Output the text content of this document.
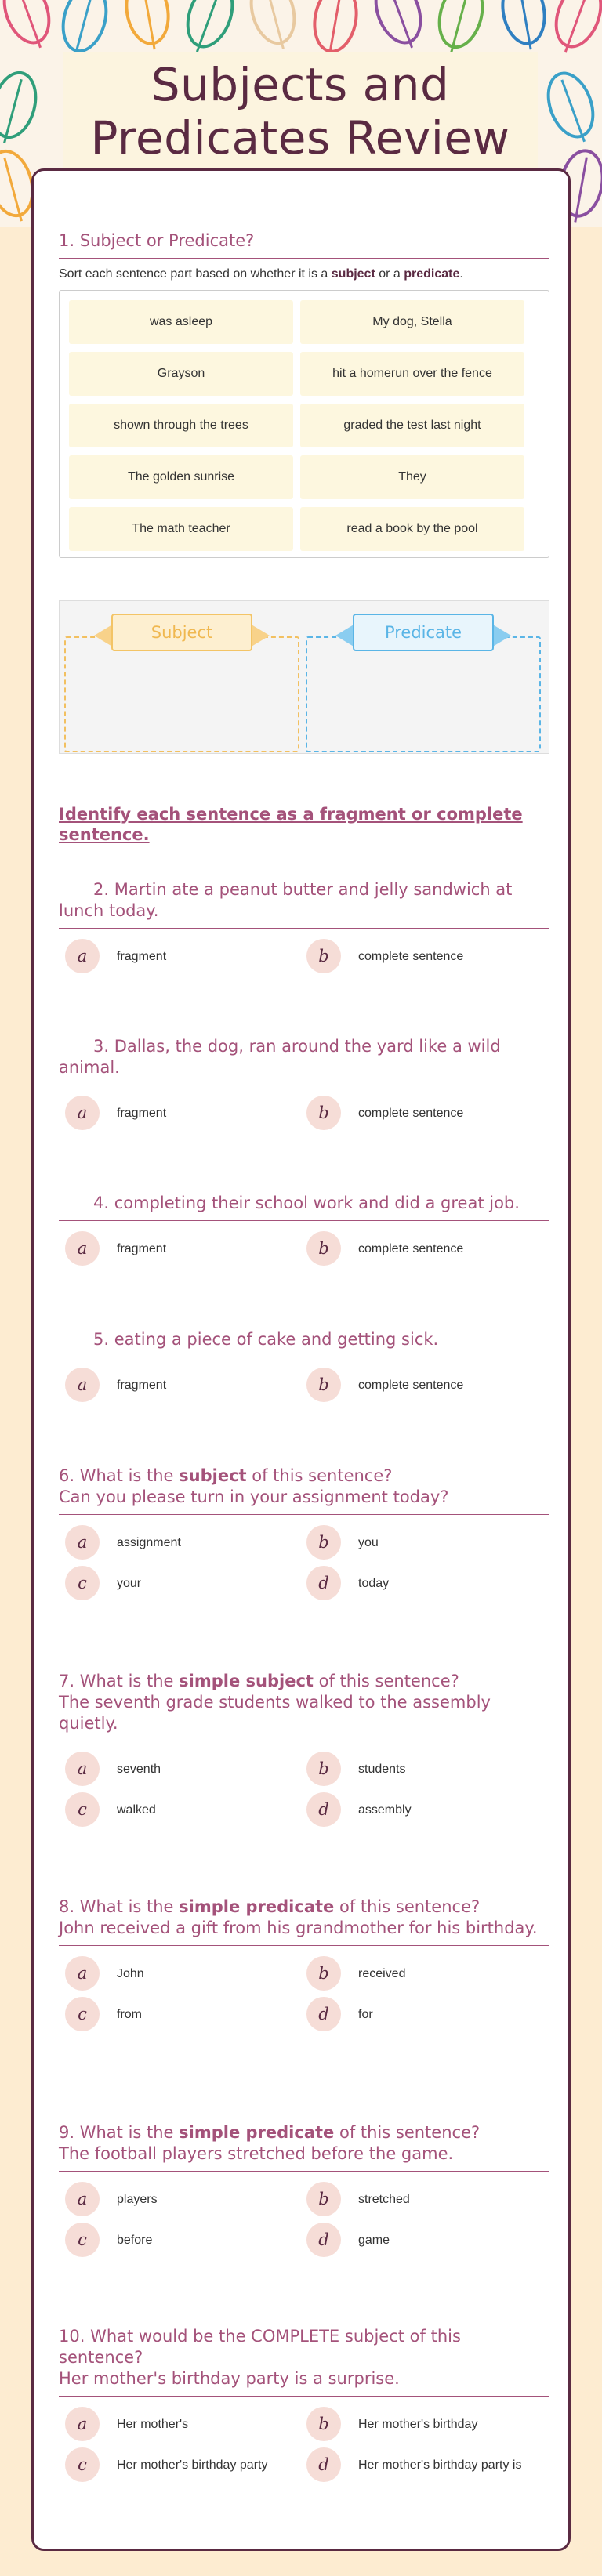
Subjects and Predicates Review
1. Subject or Predicate?
Sort each sentence part based on whether it is a subject or a predicate.
was asleep	My dog, Stella
Grayson	hit a homerun over the fence
shown through the trees	graded the test last night
The golden sunrise	They
The math teacher	read a book by the pool
Subject	Predicate
Identify each sentence as a fragment or complete sentence.
2. Martin ate a peanut butter and jelly sandwich at lunch today.
a	fragment	b	complete sentence
3. Dallas, the dog, ran around the yard like a wild animal.
a	fragment	b	complete sentence
4. completing their school work and did a great job.
a	fragment	b	complete sentence
5. eating a piece of cake and getting sick.
a	fragment	b	complete sentence
6. What is the subject of this sentence?
Can you please turn in your assignment today?
a	assignment	b	you
c	your	d	today
7. What is the simple subject of this sentence?
The seventh grade students walked to the assembly quietly.
a	seventh	b	students
c	walked	d	assembly
8. What is the simple predicate of this sentence?
John received a gift from his grandmother for his birthday.
a	John	b	received
c	from	d	for
9. What is the simple predicate of this sentence?
The football players stretched before the game.
a	players	b	stretched
c	before	d	game
10. What would be the COMPLETE subject of this sentence?
Her mother's birthday party is a surprise.
a	Her mother's	b	Her mother's birthday
c	Her mother's birthday party	d	Her mother's birthday party is
